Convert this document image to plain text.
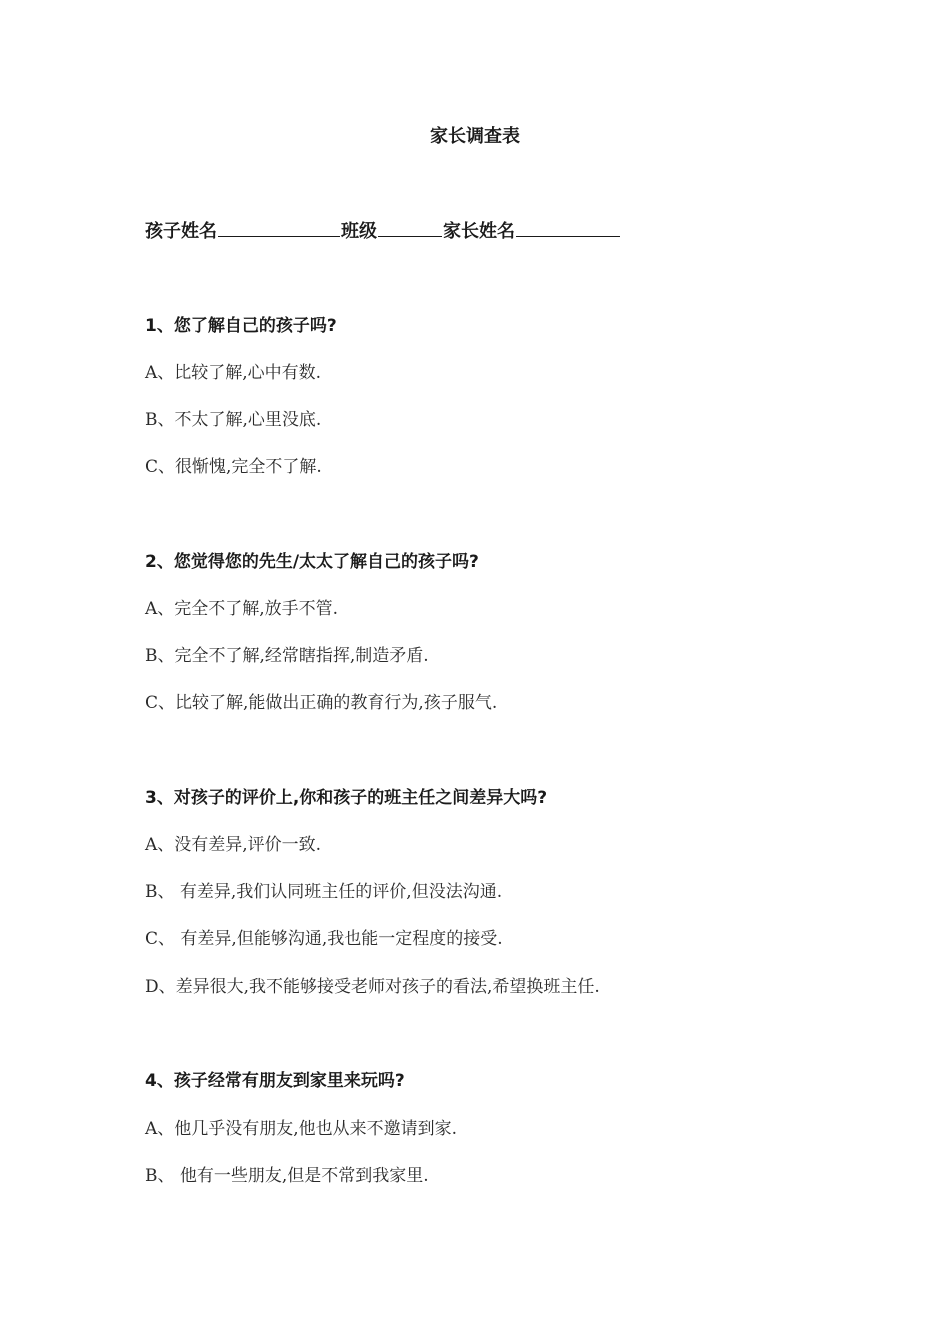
家长调查表
孩子姓名	班级	家长姓名
1、您了解自己的孩子吗?
A、比较了解,心中有数.
B、不太了解,心里没底.
C、很惭愧,完全不了解.
2、您觉得您的先生/太太了解自己的孩子吗?
A、完全不了解,放手不管.
B、完全不了解,经常瞎指挥,制造矛盾.
C、比较了解,能做出正确的教育行为,孩子服气.
3、对孩子的评价上,你和孩子的班主任之间差异大吗?
A、没有差异,评价一致.
B、 有差异,我们认同班主任的评价,但没法沟通.
C、 有差异,但能够沟通,我也能一定程度的接受.
D、差异很大,我不能够接受老师对孩子的看法,希望换班主任.
4、孩子经常有朋友到家里来玩吗?
A、他几乎没有朋友,他也从来不邀请到家.
B、 他有一些朋友,但是不常到我家里.
